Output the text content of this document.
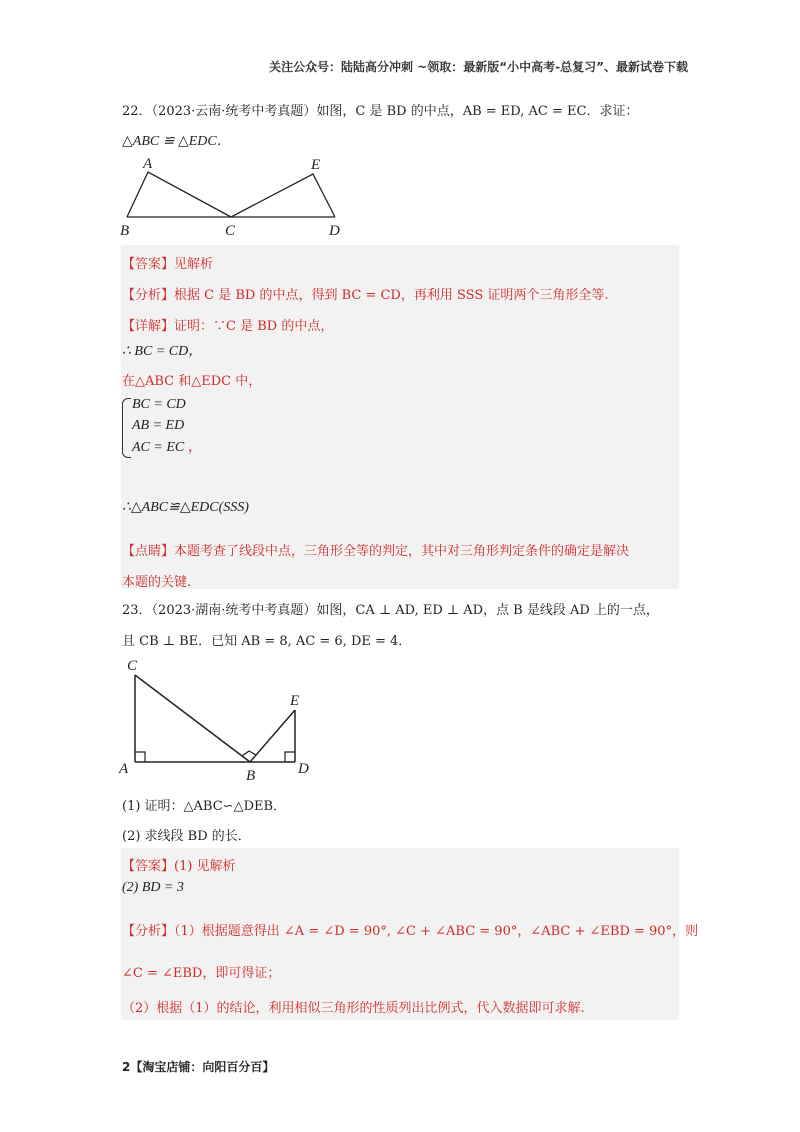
关注公众号：陆陆高分冲刺 ~领取：最新版“小中高考-总复习”、最新试卷下载
22．（2023·云南·统考中考真题）如图，C 是 BD 的中点，AB = ED, AC = EC．求证：
△ABC ≌ △EDC．
A	E
B	C	D
【答案】见解析
【分析】根据 C 是 BD 的中点，得到 BC = CD，再利用 SSS 证明两个三角形全等.
【详解】证明：∵C 是 BD 的中点，
∴ BC = CD，
在△ABC 和△EDC 中，
BC = CD
AB = ED
AC = EC ，
∴△ABC≌△EDC(SSS)
【点睛】本题考查了线段中点，三角形全等的判定，其中对三角形判定条件的确定是解决
本题的关键.
23．（2023·湖南·统考中考真题）如图，CA ⊥ AD, ED ⊥ AD，点 B 是线段 AD 上的一点，
且 CB ⊥ BE．已知 AB = 8, AC = 6, DE = 4．
C
E
A	B	D
(1) 证明：△ABC∽△DEB．
(2) 求线段 BD 的长．
【答案】(1) 见解析
(2) BD = 3
【分析】（1）根据题意得出 ∠A = ∠D = 90°, ∠C + ∠ABC = 90°，∠ABC + ∠EBD = 90°，则
∠C = ∠EBD，即可得证；
（2）根据（1）的结论，利用相似三角形的性质列出比例式，代入数据即可求解.
2【淘宝店铺：向阳百分百】
